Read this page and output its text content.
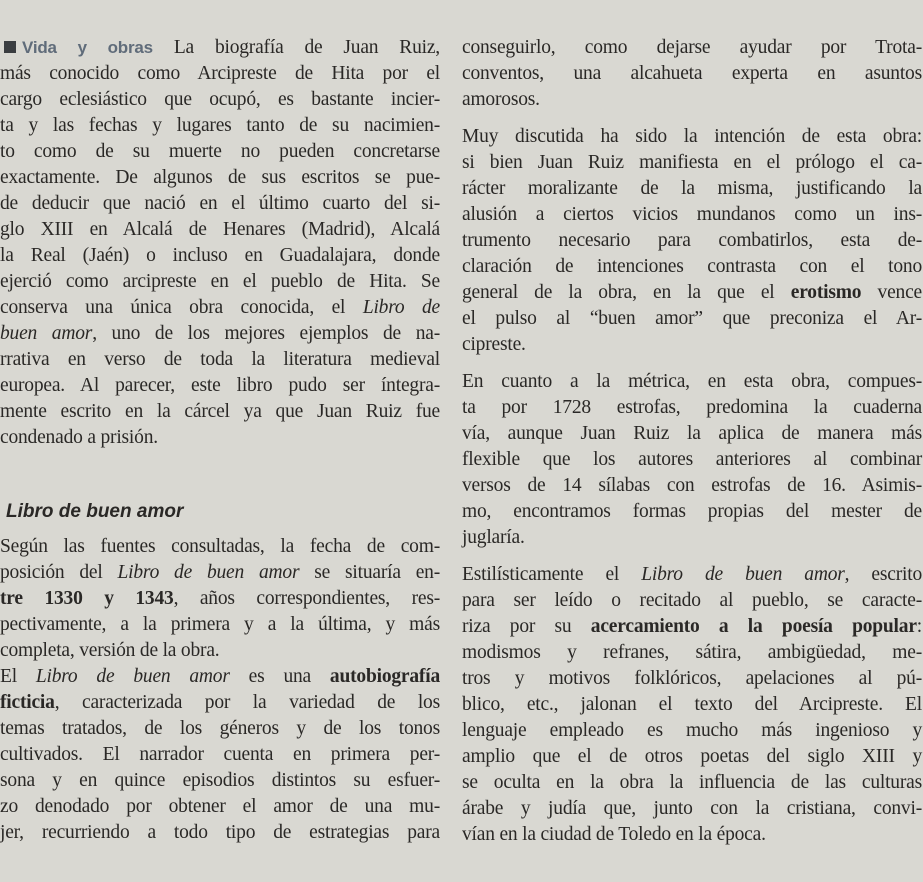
Vida y obras La biografía de Juan Ruiz,
más conocido como Arcipreste de Hita por el
cargo eclesiástico que ocupó, es bastante incier-
ta y las fechas y lugares tanto de su nacimien-
to como de su muerte no pueden concretarse
exactamente. De algunos de sus escritos se pue-
de deducir que nació en el último cuarto del si-
glo XIII en Alcalá de Henares (Madrid), Alcalá
la Real (Jaén) o incluso en Guadalajara, donde
ejerció como arcipreste en el pueblo de Hita. Se
conserva una única obra conocida, el Libro de
buen amor, uno de los mejores ejemplos de na-
rrativa en verso de toda la literatura medieval
europea. Al parecer, este libro pudo ser íntegra-
mente escrito en la cárcel ya que Juan Ruiz fue
condenado a prisión.
Libro de buen amor
Según las fuentes consultadas, la fecha de com-
posición del Libro de buen amor se situaría en-
tre 1330 y 1343, años correspondientes, res-
pectivamente, a la primera y a la última, y más
completa, versión de la obra.
El Libro de buen amor es una autobiografía
ficticia, caracterizada por la variedad de los
temas tratados, de los géneros y de los tonos
cultivados. El narrador cuenta en primera per-
sona y en quince episodios distintos su esfuer-
zo denodado por obtener el amor de una mu-
jer, recurriendo a todo tipo de estrategias para
conseguirlo, como dejarse ayudar por Trota-
conventos, una alcahueta experta en asuntos
amorosos.
Muy discutida ha sido la intención de esta obra:
si bien Juan Ruiz manifiesta en el prólogo el ca-
rácter moralizante de la misma, justificando la
alusión a ciertos vicios mundanos como un ins-
trumento necesario para combatirlos, esta de-
claración de intenciones contrasta con el tono
general de la obra, en la que el erotismo vence
el pulso al “buen amor” que preconiza el Ar-
cipreste.
En cuanto a la métrica, en esta obra, compues-
ta por 1728 estrofas, predomina la cuaderna
vía, aunque Juan Ruiz la aplica de manera más
flexible que los autores anteriores al combinar
versos de 14 sílabas con estrofas de 16. Asimis-
mo, encontramos formas propias del mester de
juglaría.
Estilísticamente el Libro de buen amor, escrito
para ser leído o recitado al pueblo, se caracte-
riza por su acercamiento a la poesía popular:
modismos y refranes, sátira, ambigüedad, me-
tros y motivos folklóricos, apelaciones al pú-
blico, etc., jalonan el texto del Arcipreste. El
lenguaje empleado es mucho más ingenioso y
amplio que el de otros poetas del siglo XIII y
se oculta en la obra la influencia de las culturas
árabe y judía que, junto con la cristiana, convi-
vían en la ciudad de Toledo en la época.
